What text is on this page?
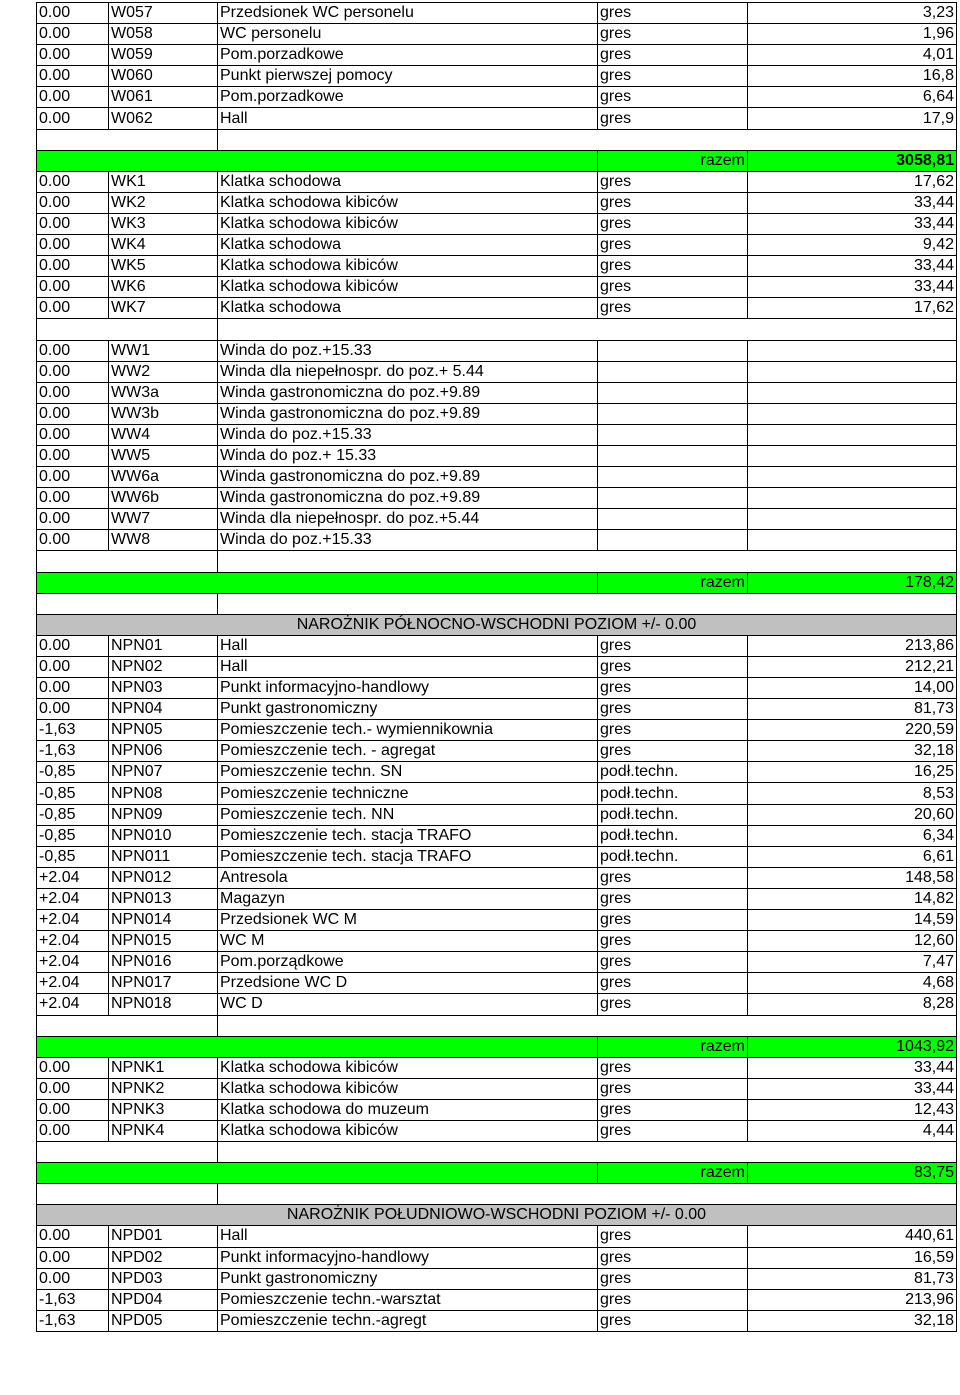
0.00	W057	Przedsionek WC personelu	gres	3,23
0.00	W058	WC personelu	gres	1,96
0.00	W059	Pom.porzadkowe	gres	4,01
0.00	W060	Punkt pierwszej pomocy	gres	16,8
0.00	W061	Pom.porzadkowe	gres	6,64
0.00	W062	Hall	gres	17,9

			razem	3058,81
0.00	WK1	Klatka schodowa	gres	17,62
0.00	WK2	Klatka schodowa kibiców	gres	33,44
0.00	WK3	Klatka schodowa kibiców	gres	33,44
0.00	WK4	Klatka schodowa	gres	9,42
0.00	WK5	Klatka schodowa kibiców	gres	33,44
0.00	WK6	Klatka schodowa kibiców	gres	33,44
0.00	WK7	Klatka schodowa	gres	17,62

0.00	WW1	Winda do poz.+15.33		
0.00	WW2	Winda dla niepełnospr. do poz.+ 5.44		
0.00	WW3a	Winda gastronomiczna do poz.+9.89		
0.00	WW3b	Winda gastronomiczna do poz.+9.89		
0.00	WW4	Winda do poz.+15.33		
0.00	WW5	Winda do poz.+ 15.33		
0.00	WW6a	Winda gastronomiczna do poz.+9.89		
0.00	WW6b	Winda gastronomiczna do poz.+9.89		
0.00	WW7	Winda dla niepełnospr. do poz.+5.44		
0.00	WW8	Winda do poz.+15.33		

			razem	178,42

NAROŻNIK PÓŁNOCNO-WSCHODNI POZIOM +/- 0.00				
0.00	NPN01	Hall	gres	213,86
0.00	NPN02	Hall	gres	212,21
0.00	NPN03	Punkt informacyjno-handlowy	gres	14,00
0.00	NPN04	Punkt gastronomiczny	gres	81,73
-1,63	NPN05	Pomieszczenie tech.- wymiennikownia	gres	220,59
-1,63	NPN06	Pomieszczenie tech. - agregat	gres	32,18
-0,85	NPN07	Pomieszczenie techn. SN	podł.techn.	16,25
-0,85	NPN08	Pomieszczenie techniczne	podł.techn.	8,53
-0,85	NPN09	Pomieszczenie tech. NN	podł.techn.	20,60
-0,85	NPN010	Pomieszczenie tech. stacja TRAFO	podł.techn.	6,34
-0,85	NPN011	Pomieszczenie tech. stacja TRAFO	podł.techn.	6,61
+2.04	NPN012	Antresola	gres	148,58
+2.04	NPN013	Magazyn	gres	14,82
+2.04	NPN014	Przedsionek WC M	gres	14,59
+2.04	NPN015	WC M	gres	12,60
+2.04	NPN016	Pom.porządkowe	gres	7,47
+2.04	NPN017	Przedsione WC D	gres	4,68
+2.04	NPN018	WC D	gres	8,28

			razem	1043,92
0.00	NPNK1	Klatka schodowa kibiców	gres	33,44
0.00	NPNK2	Klatka schodowa kibiców	gres	33,44
0.00	NPNK3	Klatka schodowa do muzeum	gres	12,43
0.00	NPNK4	Klatka schodowa kibiców	gres	4,44

			razem	83,75

NAROŻNIK POŁUDNIOWO-WSCHODNI POZIOM +/- 0.00				
0.00	NPD01	Hall	gres	440,61
0.00	NPD02	Punkt informacyjno-handlowy	gres	16,59
0.00	NPD03	Punkt gastronomiczny	gres	81,73
-1,63	NPD04	Pomieszczenie techn.-warsztat	gres	213,96
-1,63	NPD05	Pomieszczenie techn.-agregt	gres	32,18
